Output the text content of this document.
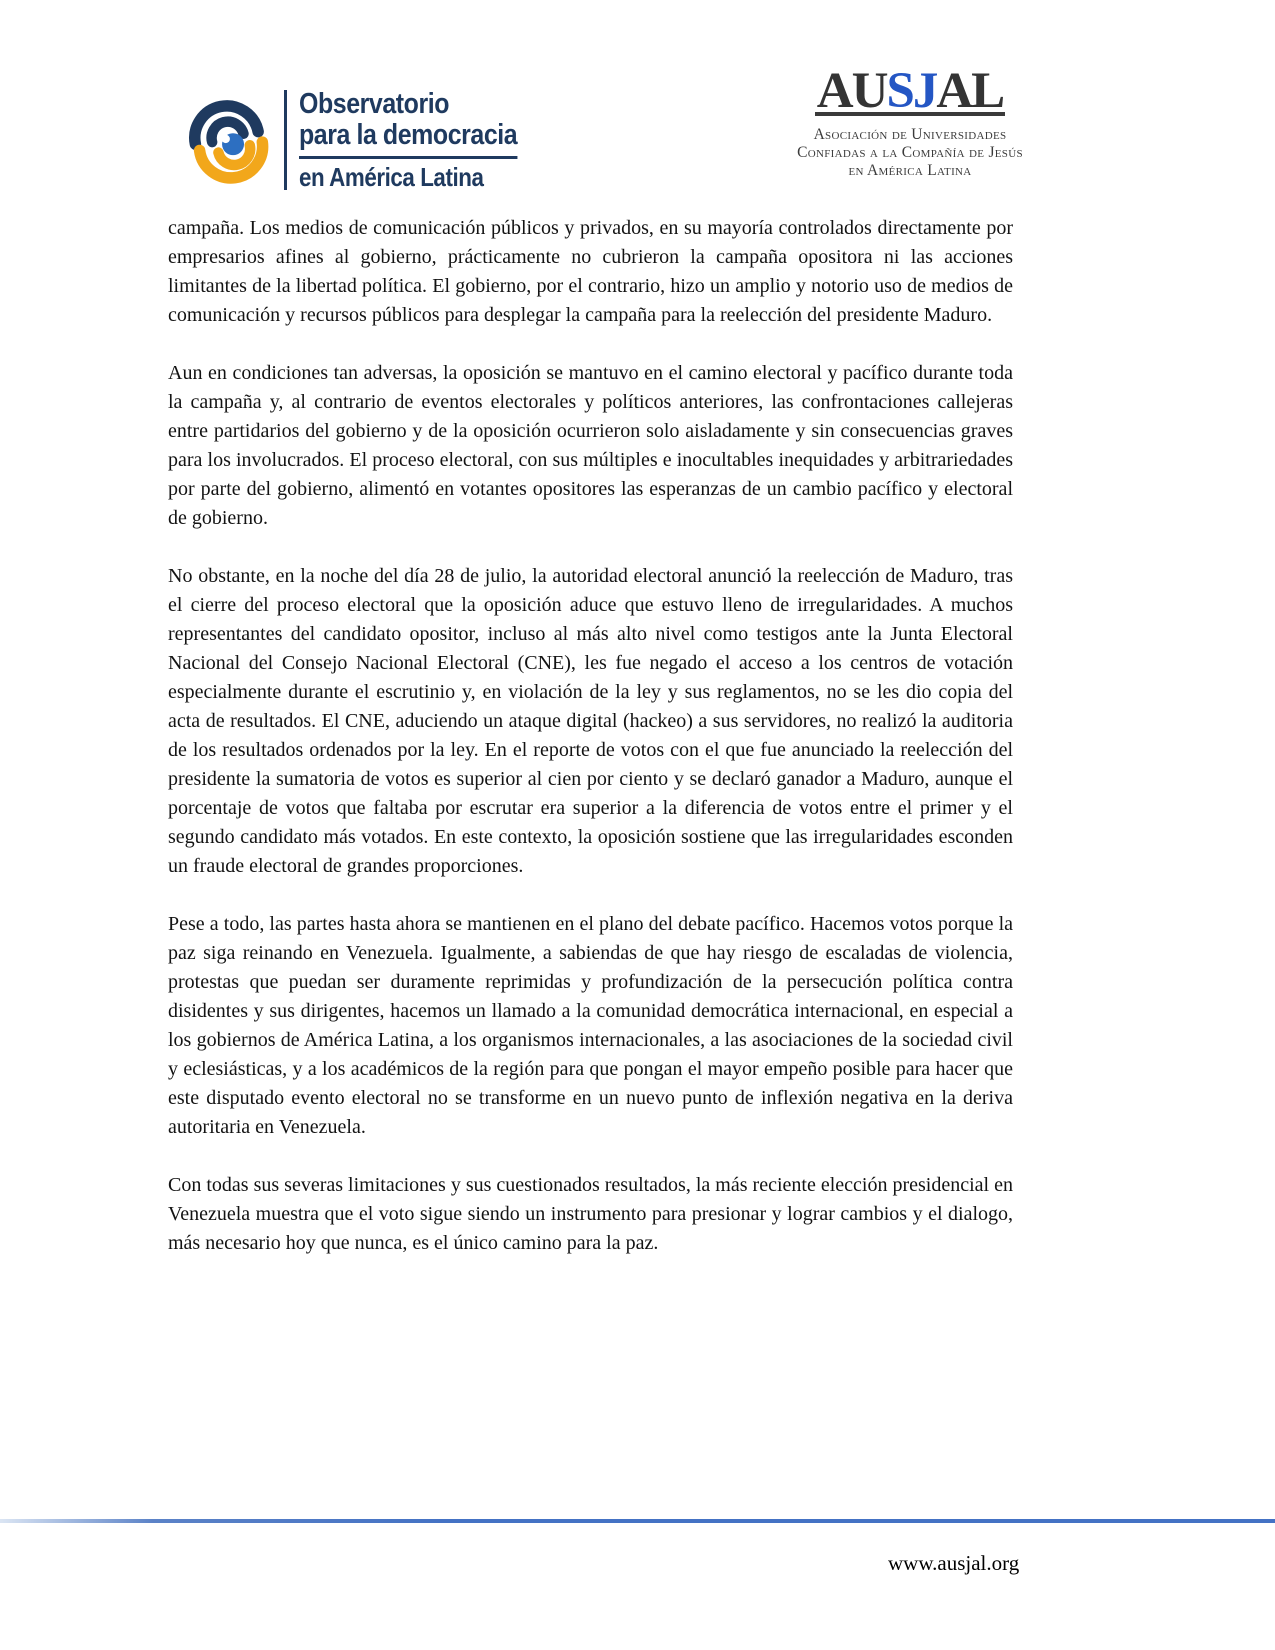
Observatorio
para la democracia
en América Latina
AUSJAL
Asociación de Universidades
Confiadas a la Compañía de Jesús
en América Latina

campaña. Los medios de comunicación públicos y privados, en su mayoría controlados directamente por empresarios afines al gobierno, prácticamente no cubrieron la campaña opositora ni las acciones limitantes de la libertad política. El gobierno, por el contrario, hizo un amplio y notorio uso de medios de comunicación y recursos públicos para desplegar la campaña para la reelección del presidente Maduro.

Aun en condiciones tan adversas, la oposición se mantuvo en el camino electoral y pacífico durante toda la campaña y, al contrario de eventos electorales y políticos anteriores, las confrontaciones callejeras entre partidarios del gobierno y de la oposición ocurrieron solo aisladamente y sin consecuencias graves para los involucrados. El proceso electoral, con sus múltiples e inocultables inequidades y arbitrariedades por parte del gobierno, alimentó en votantes opositores las esperanzas de un cambio pacífico y electoral de gobierno.

No obstante, en la noche del día 28 de julio, la autoridad electoral anunció la reelección de Maduro, tras el cierre del proceso electoral que la oposición aduce que estuvo lleno de irregularidades. A muchos representantes del candidato opositor, incluso al más alto nivel como testigos ante la Junta Electoral Nacional del Consejo Nacional Electoral (CNE), les fue negado el acceso a los centros de votación especialmente durante el escrutinio y, en violación de la ley y sus reglamentos, no se les dio copia del acta de resultados. El CNE, aduciendo un ataque digital (hackeo) a sus servidores, no realizó la auditoria de los resultados ordenados por la ley. En el reporte de votos con el que fue anunciado la reelección del presidente la sumatoria de votos es superior al cien por ciento y se declaró ganador a Maduro, aunque el porcentaje de votos que faltaba por escrutar era superior a la diferencia de votos entre el primer y el segundo candidato más votados. En este contexto, la oposición sostiene que las irregularidades esconden un fraude electoral de grandes proporciones.

Pese a todo, las partes hasta ahora se mantienen en el plano del debate pacífico. Hacemos votos porque la paz siga reinando en Venezuela. Igualmente, a sabiendas de que hay riesgo de escaladas de violencia, protestas que puedan ser duramente reprimidas y profundización de la persecución política contra disidentes y sus dirigentes, hacemos un llamado a la comunidad democrática internacional, en especial a los gobiernos de América Latina, a los organismos internacionales, a las asociaciones de la sociedad civil y eclesiásticas, y a los académicos de la región para que pongan el mayor empeño posible para hacer que este disputado evento electoral no se transforme en un nuevo punto de inflexión negativa en la deriva autoritaria en Venezuela.

Con todas sus severas limitaciones y sus cuestionados resultados, la más reciente elección presidencial en Venezuela muestra que el voto sigue siendo un instrumento para presionar y lograr cambios y el dialogo, más necesario hoy que nunca, es el único camino para la paz.

www.ausjal.org
